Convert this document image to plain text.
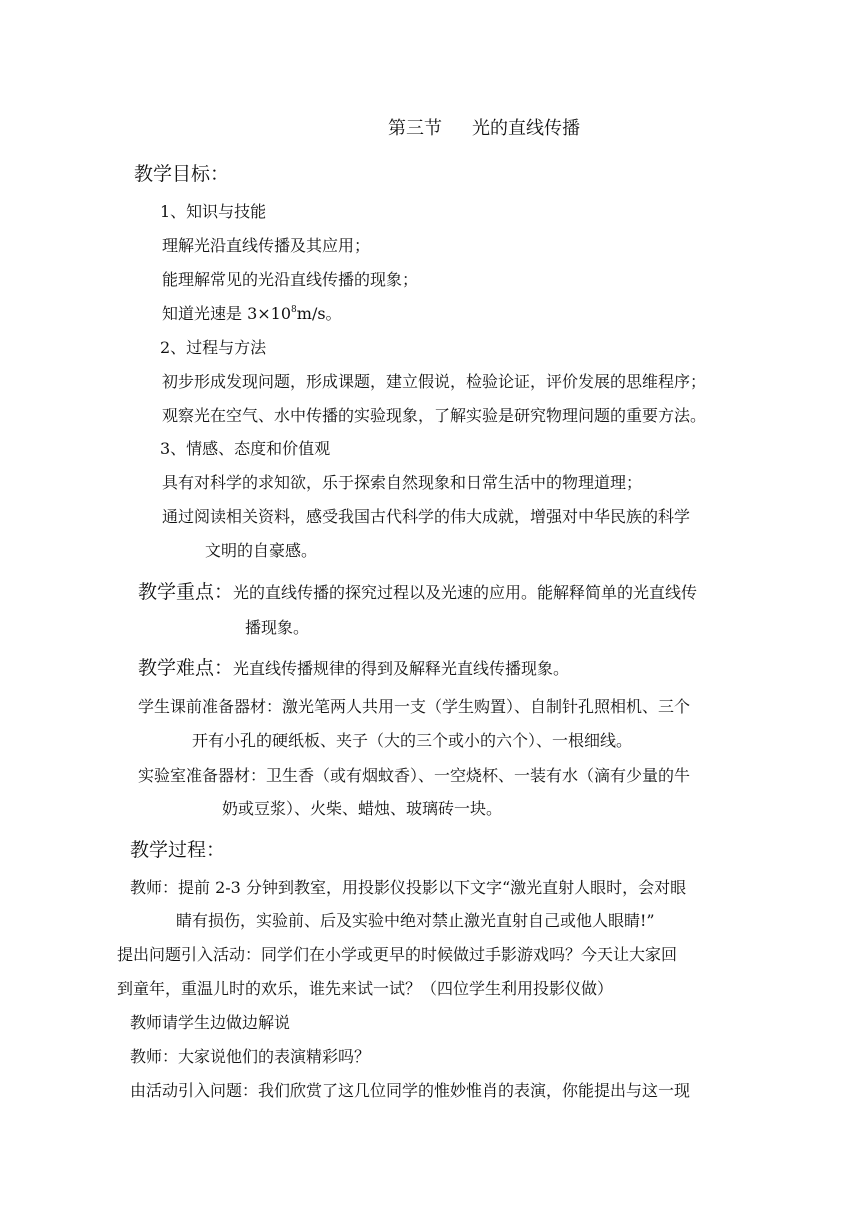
第三节 光的直线传播
教学目标：
1、知识与技能
理解光沿直线传播及其应用；
能理解常见的光沿直线传播的现象；
知道光速是 $3\times 10^8m/s$。
2、过程与方法
初步形成发现问题，形成课题，建立假说，检验论证，评价发展的思维程序；
观察光在空气、水中传播的实验现象，了解实验是研究物理问题的重要方法。
3、情感、态度和价值观
具有对科学的求知欲，乐于探索自然现象和日常生活中的物理道理；
通过阅读相关资料，感受我国古代科学的伟大成就，增强对中华民族的科学
文明的自豪感。
教学重点：光的直线传播的探究过程以及光速的应用。能解释简单的光直线传
播现象。
教学难点：光直线传播规律的得到及解释光直线传播现象。
学生课前准备器材：激光笔两人共用一支（学生购置）、自制针孔照相机、三个
开有小孔的硬纸板、夹子（大的三个或小的六个）、一根细线。
实验室准备器材：卫生香（或有烟蚊香）、一空烧杯、一装有水（滴有少量的牛
奶或豆浆）、火柴、蜡烛、玻璃砖一块。
教学过程：
教师：提前 2-3 分钟到教室，用投影仪投影以下文字“激光直射人眼时，会对眼
睛有损伤，实验前、后及实验中绝对禁止激光直射自己或他人眼睛!”
提出问题引入活动：同学们在小学或更早的时候做过手影游戏吗？今天让大家回
到童年，重温儿时的欢乐，谁先来试一试？（四位学生利用投影仪做）
教师请学生边做边解说
教师：大家说他们的表演精彩吗？
由活动引入问题：我们欣赏了这几位同学的惟妙惟肖的表演，你能提出与这一现
